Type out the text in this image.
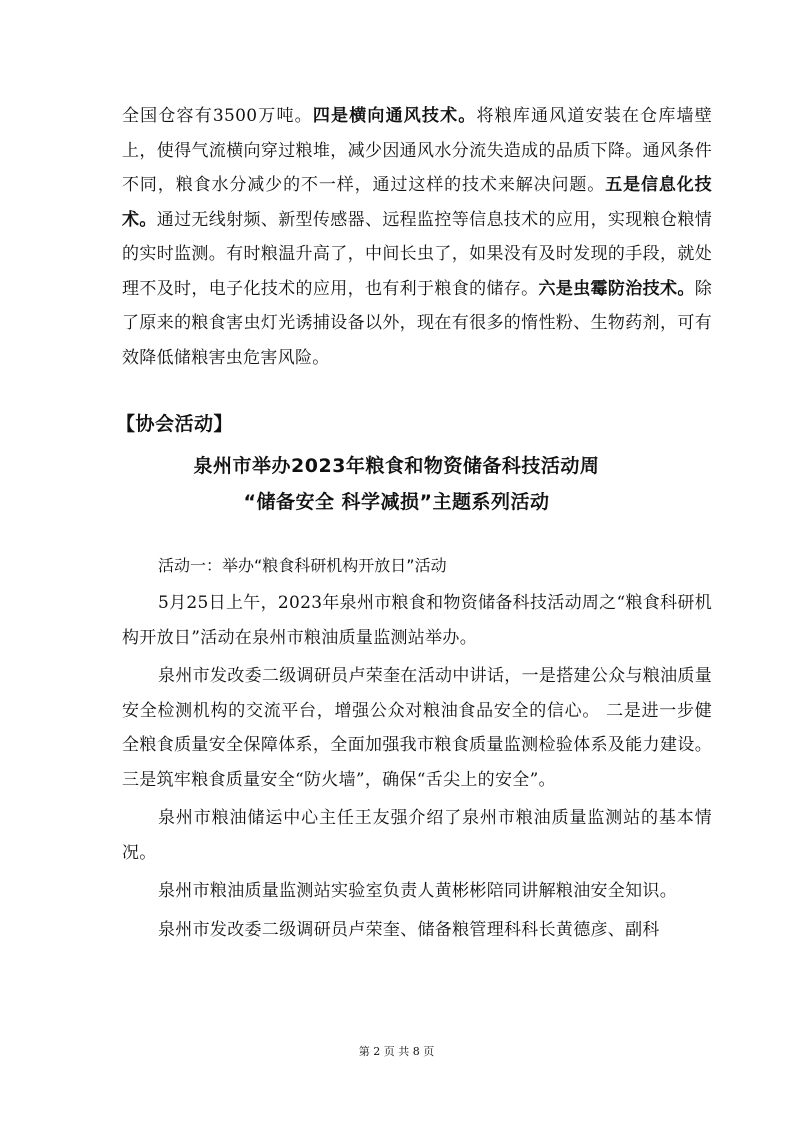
全国仓容有3500万吨。四是横向通风技术。将粮库通风道安装在仓库墙壁上，使得气流横向穿过粮堆，减少因通风水分流失造成的品质下降。通风条件不同，粮食水分减少的不一样，通过这样的技术来解决问题。五是信息化技术。通过无线射频、新型传感器、远程监控等信息技术的应用，实现粮仓粮情的实时监测。有时粮温升高了，中间长虫了，如果没有及时发现的手段，就处理不及时，电子化技术的应用，也有利于粮食的储存。六是虫霉防治技术。除了原来的粮食害虫灯光诱捕设备以外，现在有很多的惰性粉、生物药剂，可有效降低储粮害虫危害风险。

【协会活动】
泉州市举办2023年粮食和物资储备科技活动周
“储备安全 科学减损”主题系列活动
活动一：举办“粮食科研机构开放日”活动

5月25日上午，2023年泉州市粮食和物资储备科技活动周之“粮食科研机构开放日”活动在泉州市粮油质量监测站举办。

泉州市发改委二级调研员卢荣奎在活动中讲话，一是搭建公众与粮油质量安全检测机构的交流平台，增强公众对粮油食品安全的信心。 二是进一步健全粮食质量安全保障体系，全面加强我市粮食质量监测检验体系及能力建设。三是筑牢粮食质量安全“防火墙”，确保“舌尖上的安全”。

泉州市粮油储运中心主任王友强介绍了泉州市粮油质量监测站的基本情况。

泉州市粮油质量监测站实验室负责人黄彬彬陪同讲解粮油安全知识。

泉州市发改委二级调研员卢荣奎、储备粮管理科科长黄德彦、副科

第 2 页 共 8 页
